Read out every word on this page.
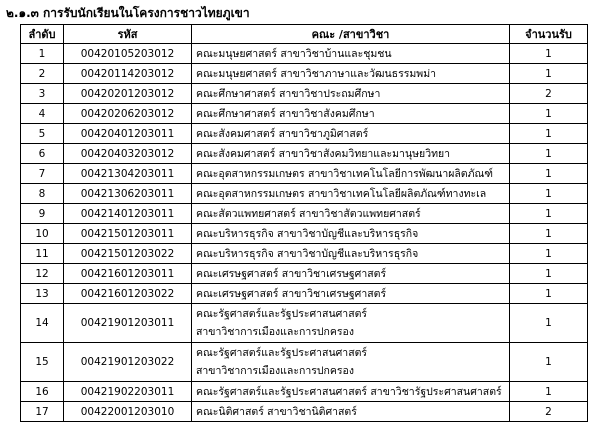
๒.๑.๓ การรับนักเรียนในโครงการชาวไทยภูเขา
ลำดับ	รหัส	คณะ /สาขาวิชา	จำนวนรับ
1	00420105203012	คณะมนุษยศาสตร์ สาขาวิชาบ้านและชุมชน	1
2	00420114203012	คณะมนุษยศาสตร์ สาขาวิชาภาษาและวัฒนธรรมพม่า	1
3	00420201203012	คณะศึกษาศาสตร์ สาขาวิชาประถมศึกษา	2
4	00420206203012	คณะศึกษาศาสตร์ สาขาวิชาสังคมศึกษา	1
5	00420401203011	คณะสังคมศาสตร์ สาขาวิชาภูมิศาสตร์	1
6	00420403203012	คณะสังคมศาสตร์ สาขาวิชาสังคมวิทยาและมานุษยวิทยา	1
7	00421304203011	คณะอุตสาหกรรมเกษตร สาขาวิชาเทคโนโลยีการพัฒนาผลิตภัณฑ์	1
8	00421306203011	คณะอุตสาหกรรมเกษตร สาขาวิชาเทคโนโลยีผลิตภัณฑ์ทางทะเล	1
9	00421401203011	คณะสัตวแพทยศาสตร์ สาขาวิชาสัตวแพทยศาสตร์	1
10	00421501203011	คณะบริหารธุรกิจ สาขาวิชาบัญชีและบริหารธุรกิจ	1
11	00421501203022	คณะบริหารธุรกิจ สาขาวิชาบัญชีและบริหารธุรกิจ	1
12	00421601203011	คณะเศรษฐศาสตร์ สาขาวิชาเศรษฐศาสตร์	1
13	00421601203022	คณะเศรษฐศาสตร์ สาขาวิชาเศรษฐศาสตร์	1
14	00421901203011	คณะรัฐศาสตร์และรัฐประศาสนศาสตร์
สาขาวิชาการเมืองและการปกครอง	1
15	00421901203022	คณะรัฐศาสตร์และรัฐประศาสนศาสตร์
สาขาวิชาการเมืองและการปกครอง	1
16	00421902203011	คณะรัฐศาสตร์และรัฐประศาสนศาสตร์ สาขาวิชารัฐประศาสนศาสตร์	1
17	00422001203010	คณะนิติศาสตร์ สาขาวิชานิติศาสตร์	2
